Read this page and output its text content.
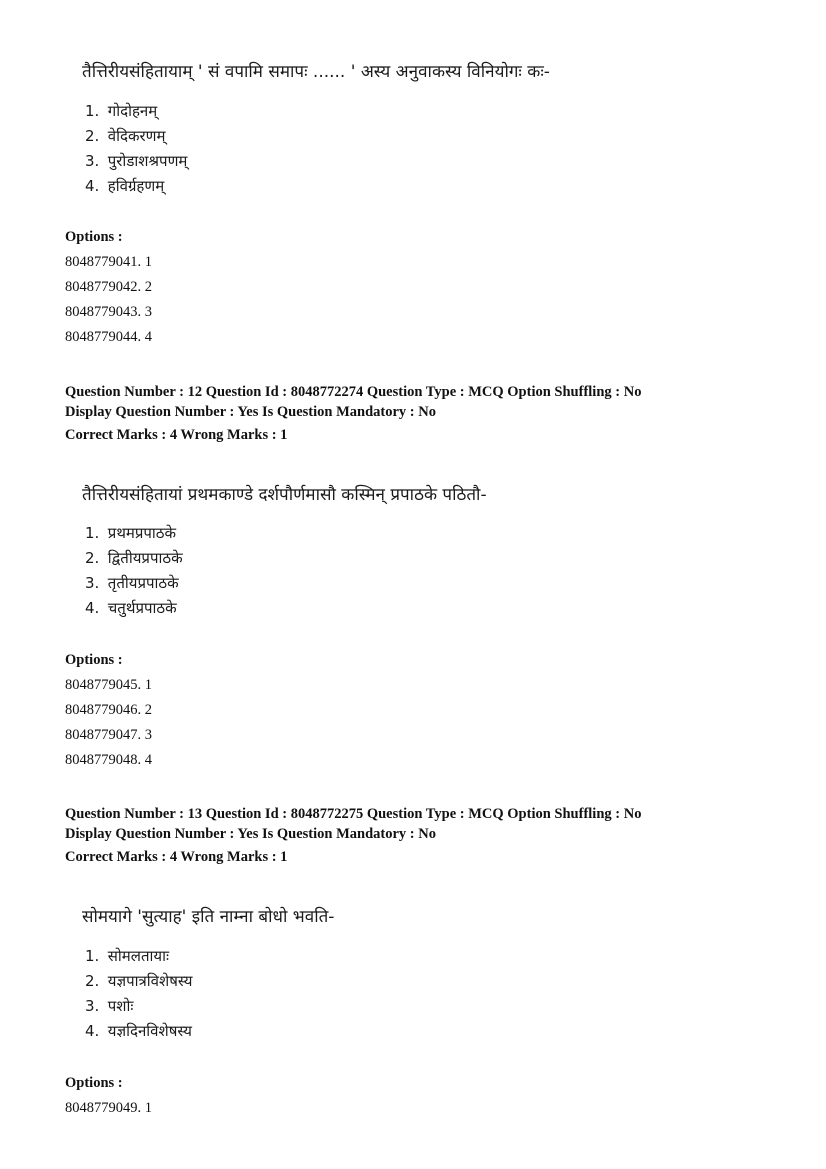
तैत्तिरीयसंहितायाम् ' सं वपामि समापः ...... ' अस्य अनुवाकस्य विनियोगः कः-
1. गोदोहनम्
2. वेदिकरणम्
3. पुरोडाशश्रपणम्
4. हविर्ग्रहणम्
Options :
8048779041. 1
8048779042. 2
8048779043. 3
8048779044. 4
Question Number : 12 Question Id : 8048772274 Question Type : MCQ Option Shuffling : No
Display Question Number : Yes Is Question Mandatory : No
Correct Marks : 4 Wrong Marks : 1
तैत्तिरीयसंहितायां प्रथमकाण्डे दर्शपौर्णमासौ कस्मिन् प्रपाठके पठितौ-
1. प्रथमप्रपाठके
2. द्वितीयप्रपाठके
3. तृतीयप्रपाठके
4. चतुर्थप्रपाठके
Options :
8048779045. 1
8048779046. 2
8048779047. 3
8048779048. 4
Question Number : 13 Question Id : 8048772275 Question Type : MCQ Option Shuffling : No
Display Question Number : Yes Is Question Mandatory : No
Correct Marks : 4 Wrong Marks : 1
सोमयागे 'सुत्याह' इति नाम्ना बोधो भवति-
1. सोमलतायाः
2. यज्ञपात्रविशेषस्य
3. पशोः
4. यज्ञदिनविशेषस्य
Options :
8048779049. 1
